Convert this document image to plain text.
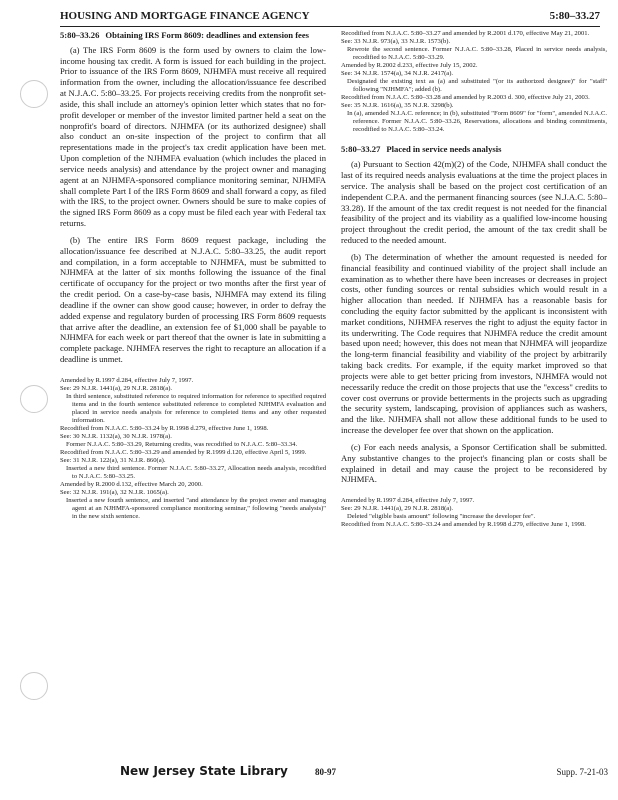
HOUSING AND MORTGAGE FINANCE AGENCY	5:80–33.27
5:80–33.26 Obtaining IRS Form 8609: deadlines and extension fees

(a) The IRS Form 8609 is the form used by owners to claim the low-income housing tax credit. A form is issued for each building in the project. Prior to issuance of the IRS Form 8609, NJHMFA must receive all required information from the owner, including the allocation/issuance fee described at N.J.A.C. 5:80–33.25. For projects receiving credits from the nonprofit set-aside, this shall include an attorney's opinion letter which states that no for-profit developer or member of the investor limited partner held a seat on the nonprofit's board of directors. NJHMFA (or its authorized designee) shall also conduct an on-site inspection of the project to confirm that all representations made in the project's tax credit application have been met. Upon completion of the NJHMFA evaluation (which includes the placed in service needs analysis) and attendance by the project owner and managing agent at an NJHMFA-sponsored compliance monitoring seminar, NJHMFA shall complete Part I of the IRS Form 8609 and shall forward a copy, as filed with the IRS, to the project owner. Owners should be sure to make copies of the signed IRS Form 8609 as a copy must be filed each year with Federal tax returns.

(b) The entire IRS Form 8609 request package, including the allocation/issuance fee described at N.J.A.C. 5:80–33.25, the audit report and compilation, in a form acceptable to NJHMFA, must be submitted to NJHMFA at the latter of six months following the issuance of the final certificate of occupancy for the project or two months after the first year of the credit period. On a case-by-case basis, NJHMFA may extend its filing deadline if the owner can show good cause; however, in order to defray the added expense and regulatory burden of processing IRS Form 8609 requests that arrive after the deadline, an extension fee of $1,000 shall be payable to NJHMFA for each week or part thereof that the owner is late in submitting a complete package. NJHMFA reserves the right to recapture an allocation if a deadline is unmet.

Amended by R.1997 d.284, effective July 7, 1997.
See: 29 N.J.R. 1441(a), 29 N.J.R. 2818(a).
In third sentence, substituted reference to required information for reference to specified required items and in the fourth sentence substituted reference to completed NJHMFA evaluation and placed in service needs analysis for reference to completed items and any other requested information.
Recodified from N.J.A.C. 5:80–33.24 by R.1998 d.279, effective June 1, 1998.
See: 30 N.J.R. 1132(a), 30 N.J.R. 1978(a).
Former N.J.A.C. 5:80–33.29, Returning credits, was recodified to N.J.A.C. 5:80–33.34.
Recodified from N.J.A.C. 5:80–33.29 and amended by R.1999 d.120, effective April 5, 1999.
See: 31 N.J.R. 122(a), 31 N.J.R. 860(a).
Inserted a new third sentence. Former N.J.A.C. 5:80–33.27, Allocation needs analysis, recodified to N.J.A.C. 5:80–33.25.
Amended by R.2000 d.132, effective March 20, 2000.
See: 32 N.J.R. 191(a), 32 N.J.R. 1065(a).
Inserted a new fourth sentence, and inserted "and attendance by the project owner and managing agent at an NJHMFA-sponsored compliance monitoring seminar," following "needs analysis)" in the new sixth sentence.
Recodified from N.J.A.C. 5:80–33.27 and amended by R.2001 d.170, effective May 21, 2001.
See: 33 N.J.R. 973(a), 33 N.J.R. 1573(b).
Rewrote the second sentence. Former N.J.A.C. 5:80–33.28, Placed in service needs analysis, recodified to N.J.A.C. 5:80–33.29.
Amended by R.2002 d.233, effective July 15, 2002.
See: 34 N.J.R. 1574(a), 34 N.J.R. 2417(a).
Designated the existing text as (a) and substituted "(or its authorized designee)" for "staff" following "NJHMFA"; added (b).
Recodified from N.J.A.C. 5:80–33.28 and amended by R.2003 d. 300, effective July 21, 2003.
See: 35 N.J.R. 1616(a), 35 N.J.R. 3298(b).
In (a), amended N.J.A.C. reference; in (b), substituted "Form 8609" for "form", amended N.J.A.C. reference. Former N.J.A.C. 5:80–33.26, Reservations, allocations and binding commitments, recodified to N.J.A.C. 5:80–33.24.
5:80–33.27 Placed in service needs analysis

(a) Pursuant to Section 42(m)(2) of the Code, NJHMFA shall conduct the last of its required needs analysis evaluations at the time the project places in service. The analysis shall be based on the project cost certification of an independent C.P.A. and the permanent financing sources (see N.J.A.C. 5:80–33.28). If the amount of the tax credit request is not needed for the financial feasibility of the project and its viability as a qualified low-income housing project throughout the credit period, the amount of the tax credit shall be reduced to the needed amount.

(b) The determination of whether the amount requested is needed for financial feasibility and continued viability of the project shall include an examination as to whether there have been increases or decreases in project costs, other funding sources or rental subsidies which would result in a higher allocation than needed. If NJHMFA has a reasonable basis for concluding the equity factor submitted by the applicant is inconsistent with market conditions, NJHMFA reserves the right to adjust the equity factor in its underwriting. The Code requires that NJHMFA reduce the credit amount based upon need; however, this does not mean that NJHMFA will jeopardize the long-term financial feasibility and viability of the project by arbitrarily taking back credits. For example, if the equity market improved so that projects were able to get better pricing from investors, NJHMFA would not necessarily reduce the credit on those projects that use the "excess" credits to cover cost overruns or provide betterments in the projects such as upgrading the security system, landscaping, provision of appliances such as washers, and the like. NJHMFA shall not allow these additional funds to be used to increase the developer fee over that shown on the application.

(c) For each needs analysis, a Sponsor Certification shall be submitted. Any substantive changes to the project's financing plan or costs shall be explained in detail and may cause the project to be reconsidered by NJHMFA.

Amended by R.1997 d.284, effective July 7, 1997.
See: 29 N.J.R. 1441(a), 29 N.J.R. 2818(a).
Deleted "eligible basis amount" following "increase the developer fee".
Recodified from N.J.A.C. 5:80–33.24 and amended by R.1998 d.279, effective June 1, 1998.
New Jersey State Library	80-97	Supp. 7-21-03
